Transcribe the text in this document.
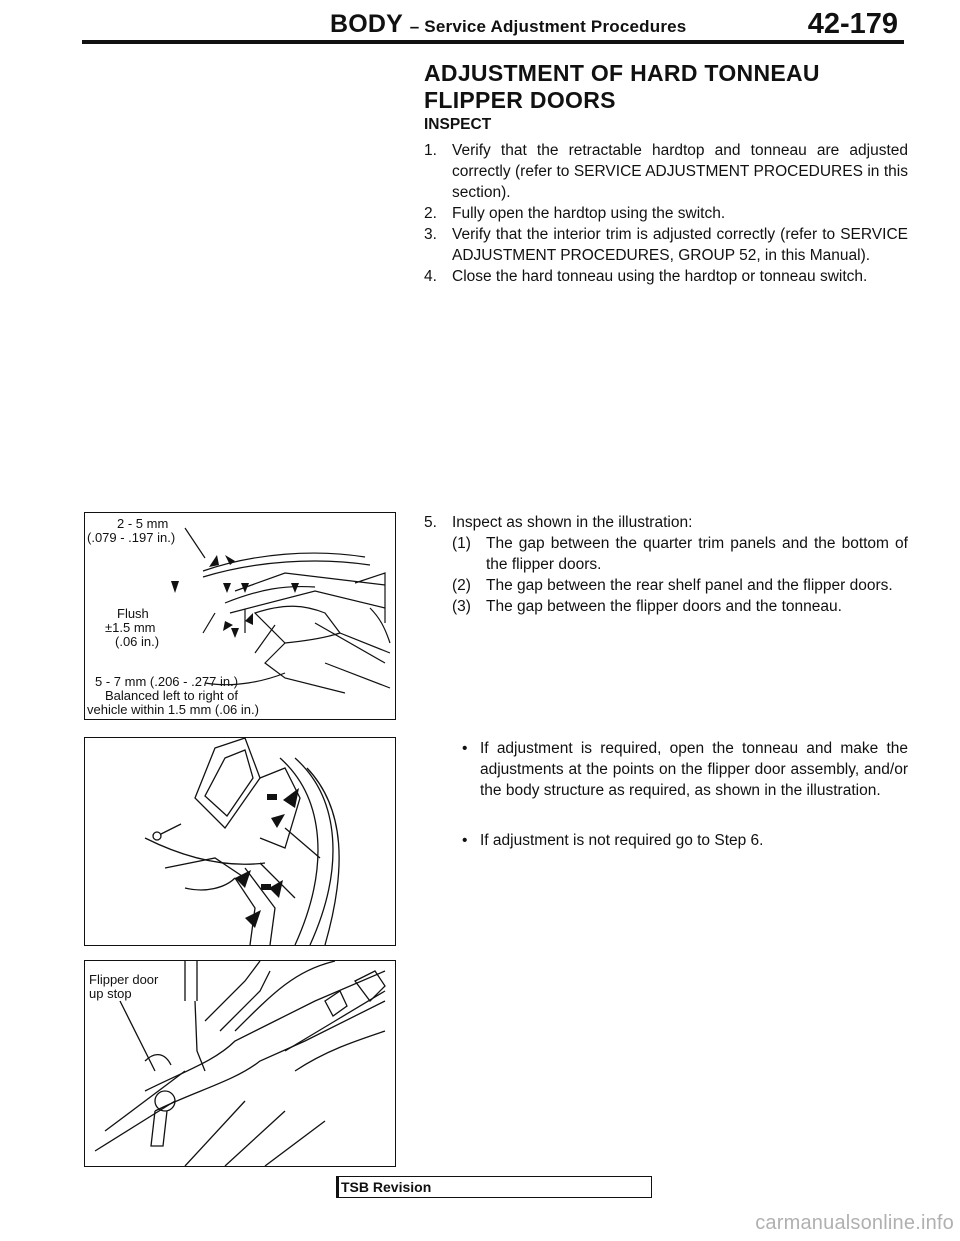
BODY – Service Adjustment Procedures	42-179
ADJUSTMENT OF HARD TONNEAU FLIPPER DOORS
INSPECT
1. Verify that the retractable hardtop and tonneau are adjusted correctly (refer to SERVICE ADJUSTMENT PROCEDURES in this section).
2. Fully open the hardtop using the switch.
3. Verify that the interior trim is adjusted correctly (refer to SERVICE ADJUSTMENT PROCEDURES, GROUP 52, in this Manual).
4. Close the hard tonneau using the hardtop or tonneau switch.
5. Inspect as shown in the illustration:
(1) The gap between the quarter trim panels and the bottom of the flipper doors.
(2) The gap between the rear shelf panel and the flipper doors.
(3) The gap between the flipper doors and the tonneau.
• If adjustment is required, open the tonneau and make the adjustments at the points on the flipper door assembly, and/or the body structure as required, as shown in the illustration.
• If adjustment is not required go to Step 6.
2 - 5 mm
(.079 - .197 in.)
Flush
±1.5 mm
(.06 in.)
5 - 7 mm (.206 - .277 in.)
Balanced left to right of
vehicle within 1.5 mm (.06 in.)
Flipper door
up stop
TSB Revision
carmanualsonline.info
